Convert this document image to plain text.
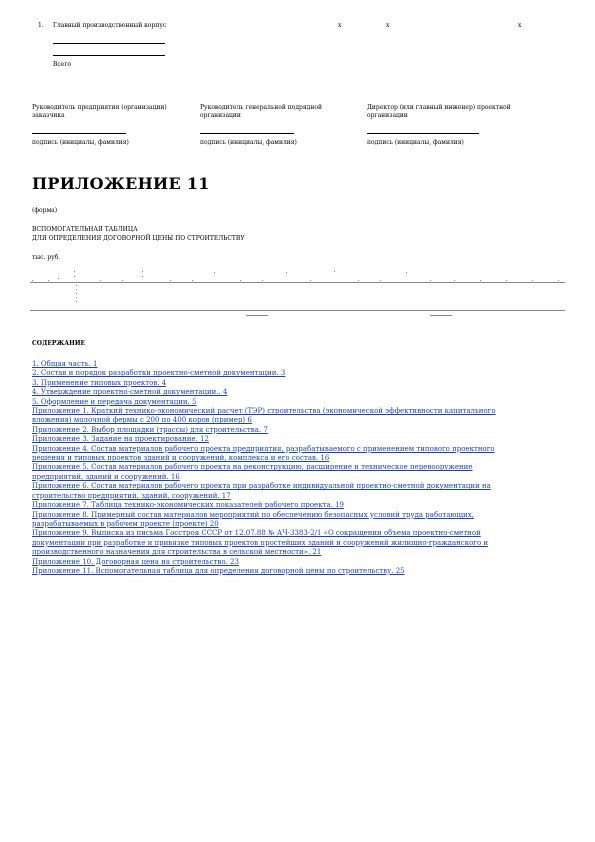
1. Главный производственный корпус	x	x	x
Всего
Руководитель предприятия (организации) заказчика
подпись (инициалы, фамилия)
Руководитель генеральной подрядной организации
подпись (инициалы, фамилия)
Директор (или главный инженер) проектной организации
подпись (инициалы, фамилия)
ПРИЛОЖЕНИЕ 11
(форма)
ВСПОМОГАТЕЛЬНАЯ ТАБЛИЦА
ДЛЯ ОПРЕДЕЛЕНИЯ ДОГОВОРНОЙ ЦЕНЫ ПО СТРОИТЕЛЬСТВУ
тыс. руб.
СОДЕРЖАНИЕ
1. Общая часть. 1
2. Состав и порядок разработки проектно-сметной документации. 3
3. Применение типовых проектов. 4
4. Утверждение проектно-сметной документации.. 4
5. Оформление и передача документации. 5
Приложение 1. Краткий технико-экономический расчет (ТЭР) строительства (экономической эффективности капитального вложения) молочной фермы с 200 по 400 коров (пример) 6
Приложение 2. Выбор площадки (трассы) для строительства. 7
Приложение 3. Задание на проектирование. 12
Приложение 4. Состав материалов рабочего проекта предприятия, разрабатываемого с применением типового проектного решения и типовых проектов зданий и сооружений, комплекса и его состав. 16
Приложение 5. Состав материалов рабочего проекта на реконструкцию, расширение и техническое перевооружение предприятий, зданий и сооружений. 16
Приложение 6. Состав материалов рабочего проекта при разработке индивидуальной проектно-сметной документации на строительство предприятий, зданий, сооружений. 17
Приложение 7. Таблица технико-экономических показателей рабочего проекта. 19
Приложение 8. Примерный состав материалов мероприятий по обеспечению безопасных условий труда работающих, разрабатываемых в рабочем проекте (проекте) 20
Приложение 9. Выписка из письма Госстроя СССР от 12.07.88 № АЧ-3383-2/1 «О сокращении объема проектно-сметной документации при разработке и привязке типовых проектов простейших зданий и сооружений жилищно-гражданского и производственного назначения для строительства в сельской местности». 21
Приложение 10. Договорная цена на строительство. 23
Приложение 11. Вспомогательная таблица для определения договорной цены по строительству. 25
